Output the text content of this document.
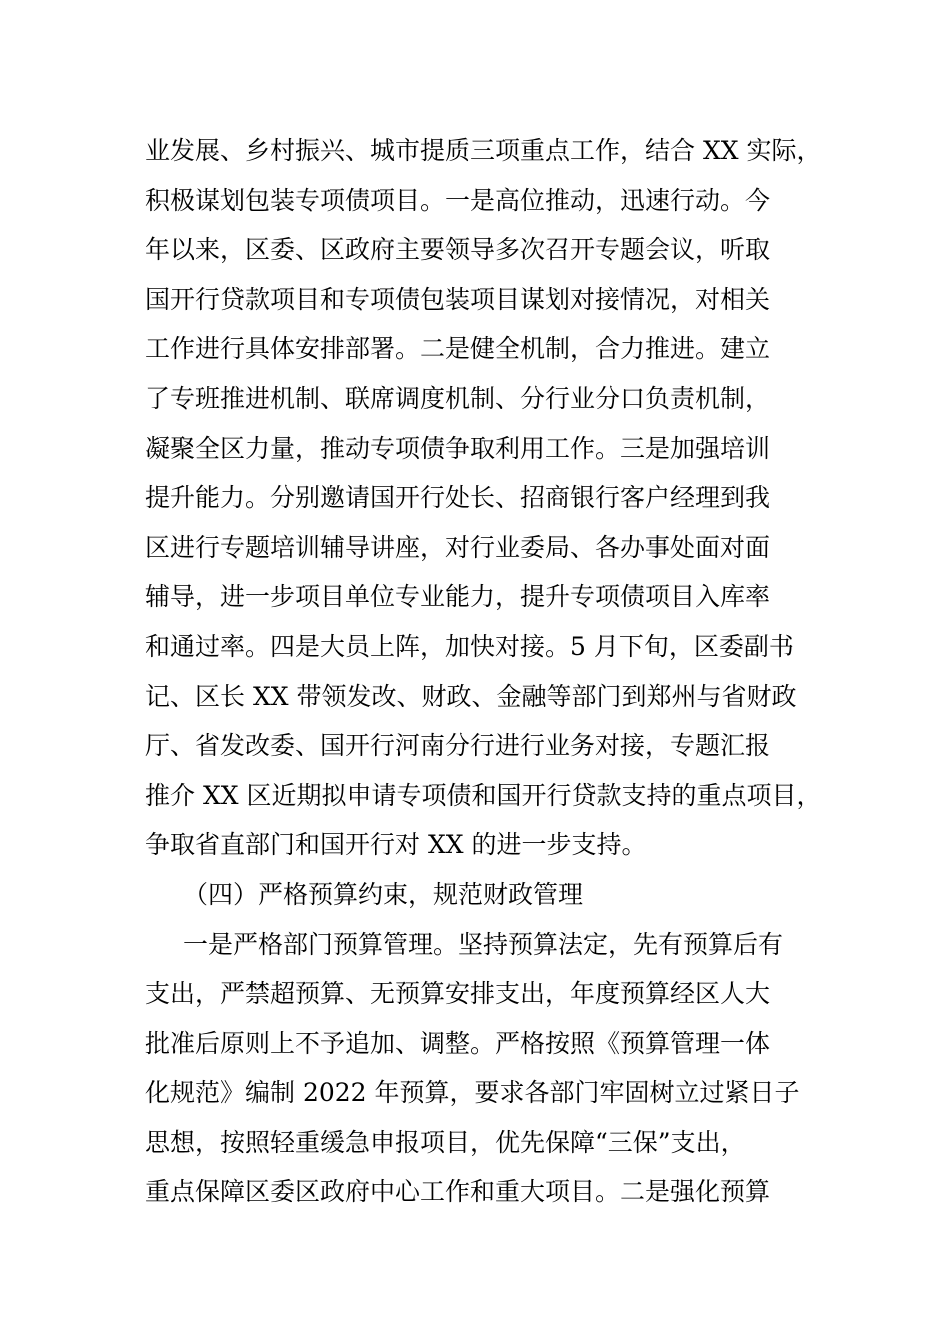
业发展、乡村振兴、城市提质三项重点工作，结合 XX 实际，
积极谋划包装专项债项目。一是高位推动，迅速行动。今
年以来，区委、区政府主要领导多次召开专题会议，听取
国开行贷款项目和专项债包装项目谋划对接情况，对相关
工作进行具体安排部署。二是健全机制，合力推进。建立
了专班推进机制、联席调度机制、分行业分口负责机制，
凝聚全区力量，推动专项债争取利用工作。三是加强培训
提升能力。分别邀请国开行处长、招商银行客户经理到我
区进行专题培训辅导讲座，对行业委局、各办事处面对面
辅导，进一步项目单位专业能力，提升专项债项目入库率
和通过率。四是大员上阵，加快对接。5 月下旬，区委副书
记、区长 XX 带领发改、财政、金融等部门到郑州与省财政
厅、省发改委、国开行河南分行进行业务对接，专题汇报
推介 XX 区近期拟申请专项债和国开行贷款支持的重点项目，
争取省直部门和国开行对 XX 的进一步支持。
（四）严格预算约束，规范财政管理
一是严格部门预算管理。坚持预算法定，先有预算后有
支出，严禁超预算、无预算安排支出，年度预算经区人大
批准后原则上不予追加、调整。严格按照《预算管理一体
化规范》编制 2022 年预算，要求各部门牢固树立过紧日子
思想，按照轻重缓急申报项目，优先保障“三保”支出，
重点保障区委区政府中心工作和重大项目。二是强化预算
